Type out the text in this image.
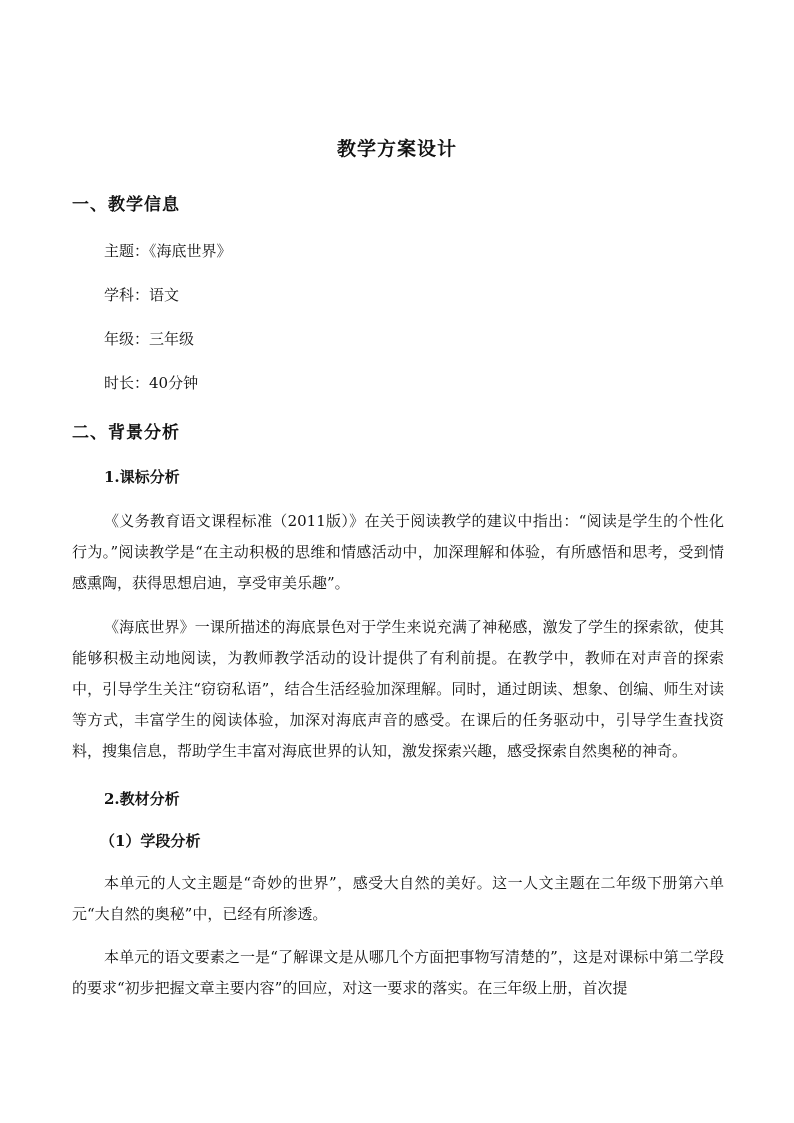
教学方案设计
一、教学信息
主题：《海底世界》
学科：语文
年级：三年级
时长：40分钟
二、背景分析
1.课标分析
《义务教育语文课程标准（2011版）》在关于阅读教学的建议中指出：“阅读是学生的个性化行为。”阅读教学是“在主动积极的思维和情感活动中，加深理解和体验，有所感悟和思考，受到情感熏陶，获得思想启迪，享受审美乐趣”。
《海底世界》一课所描述的海底景色对于学生来说充满了神秘感，激发了学生的探索欲，使其能够积极主动地阅读，为教师教学活动的设计提供了有利前提。在教学中，教师在对声音的探索中，引导学生关注“窃窃私语”，结合生活经验加深理解。同时，通过朗读、想象、创编、师生对读等方式，丰富学生的阅读体验，加深对海底声音的感受。在课后的任务驱动中，引导学生查找资料，搜集信息，帮助学生丰富对海底世界的认知，激发探索兴趣，感受探索自然奥秘的神奇。
2.教材分析
（1）学段分析
本单元的人文主题是“奇妙的世界”，感受大自然的美好。这一人文主题在二年级下册第六单元“大自然的奥秘”中，已经有所渗透。
本单元的语文要素之一是“了解课文是从哪几个方面把事物写清楚的”，这是对课标中第二学段的要求“初步把握文章主要内容”的回应，对这一要求的落实。在三年级上册，首次提
